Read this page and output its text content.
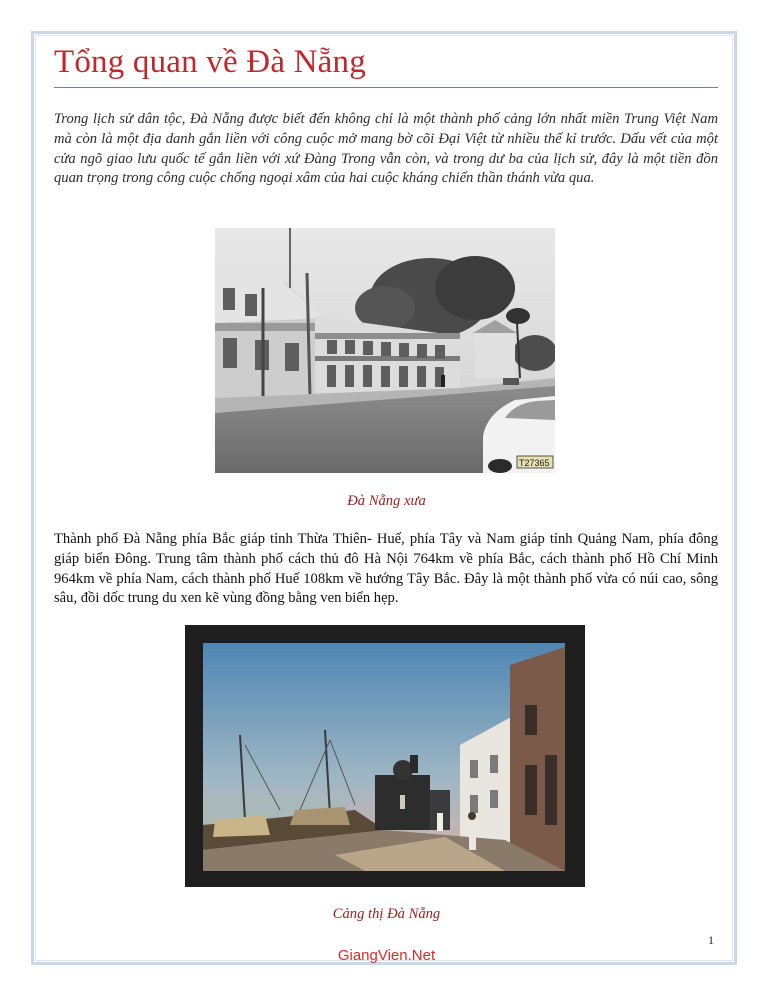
Tổng quan về Đà Nẵng

Trong lịch sử dân tộc, Đà Nẵng được biết đến không chỉ là một thành phố cảng lớn nhất miền Trung Việt Nam mà còn là một địa danh gắn liền với công cuộc mở mang bờ cõi Đại Việt từ nhiều thế kỉ trước. Dấu vết của một cửa ngõ giao lưu quốc tế gắn liền với xứ Đàng Trong vẫn còn, và trong dư ba của lịch sử, đây là một tiền đồn quan trọng trong công cuộc chống ngoại xâm của hai cuộc kháng chiến thần thánh vừa qua.

T27365
Đà Nẵng xưa

Thành phố Đà Nẵng phía Bắc giáp tỉnh Thừa Thiên- Huế, phía Tây và Nam giáp tỉnh Quảng Nam, phía đông giáp biển Đông. Trung tâm thành phố cách thủ đô Hà Nội 764km về phía Bắc, cách thành phố Hồ Chí Minh 964km về phía Nam, cách thành phố Huế 108km về hướng Tây Bắc. Đây là một thành phố vừa có núi cao, sông sâu, đồi dốc trung du xen kẽ vùng đồng bằng ven biển hẹp.

Cảng thị Đà Nẵng
1
GiangVien.Net
